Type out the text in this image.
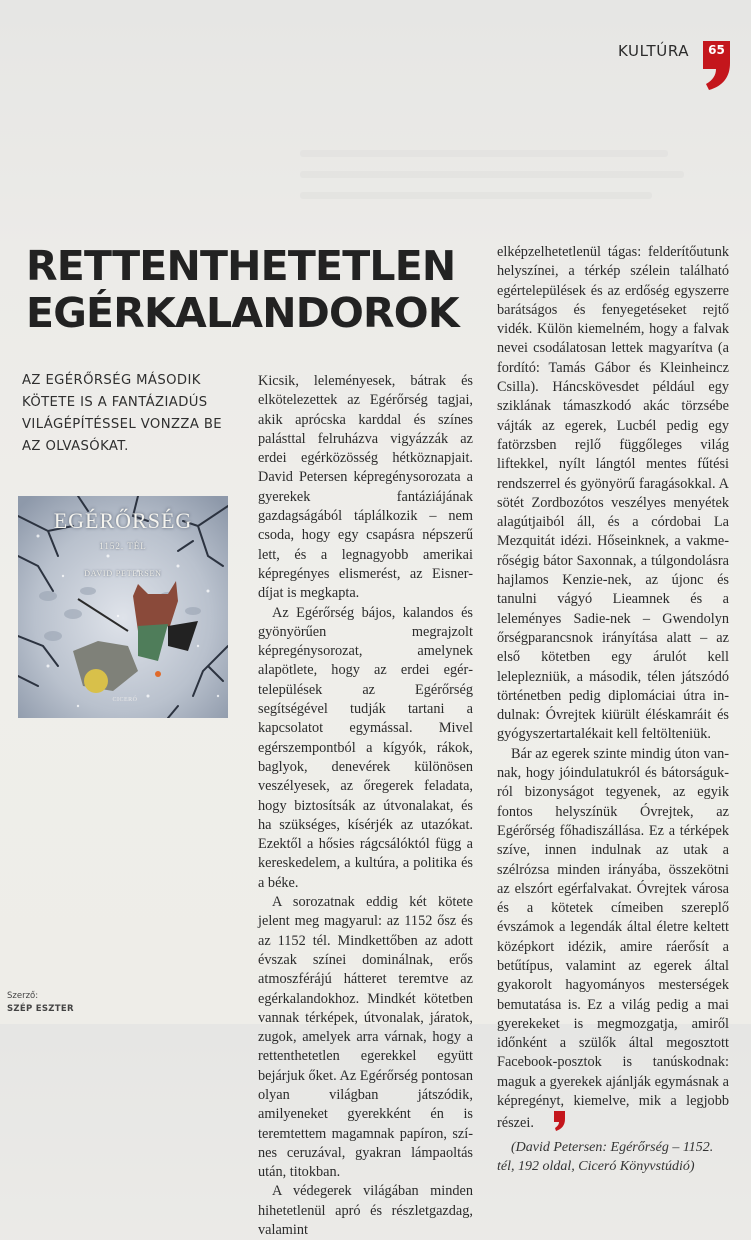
KULTÚRA	65
RETTENTHETETLEN
EGÉRKALANDOROK
AZ EGÉRŐRSÉG MÁSODIK KÖTETE IS A FANTÁZIADÚS VILÁGÉPÍTÉSSEL VONZZA BE AZ OLVASÓKAT.
EGÉRŐRSÉG
1152. TÉL
DAVID PETERSEN
CICERÓ

Kicsik, leleményesek, bátrak és elkötelezettek az Egérőrség tagjai, akik aprócska karddal és színes palásttal felruházva vigyázzák az erdei egérközösség hétköznapjait. David Petersen képregénysorozata a gyerekek fantáziájának gazdagságából táplálkozik – nem csoda, hogy egy csapásra népszerű lett, és a legnagyobb amerikai képregényes elismerést, az Eisner-díjat is megkapta.

Az Egérőrség bájos, kalandos és gyönyörűen megrajzolt képregénysorozat, amelynek alapötlete, hogy az erdei egértelepülések az Egérőrség segítségével tudják tartani a kapcsolatot egymással. Mivel egérszempontból a kígyók, rákok, baglyok, denevérek különösen veszélyesek, az őregerek feladata, hogy biztosítsák az útvonalakat, és ha szükséges, kísérjék az utazókat. Ezektől a hősies rágcsálóktól függ a kereskedelem, a kultúra, a politika és a béke.

A sorozatnak eddig két kötete jelent meg magyarul: az 1152 ősz és az 1152 tél. Mindkettőben az adott évszak színei dominálnak, erős atmoszférájú hátteret teremtve az egérkalandokhoz. Mindkét kötetben vannak térképek, útvonalak, járatok, zugok, amelyek arra várnak, hogy a rettenthetetlen egerekkel együtt bejárjuk őket. Az Egérőrség pontosan olyan világban játszódik, amilyeneket gyerekként én is teremtettem magamnak papíron, színes ceruzával, gyakran lámpaoltás után, titokban.

A védegerek világában minden hihetetlenül apró és részletgazdag, valamint

elképzelhetetlenül tágas: felderítőutunk helyszínei, a térkép szélein található egértelepülések és az erdőség egyszerre barátságos és fenyegetéseket rejtő vidék. Külön kiemelném, hogy a falvak nevei csodálatosan lettek magyarítva (a fordító: Tamás Gábor és Kleinheincz Csilla). Háncskövesdet például egy sziklának támaszkodó akác törzsébe vájták az egerek, Lucbél pedig egy fatörzsben rejlő függőleges világ liftekkel, nyílt lángtól mentes fűtési rendszerrel és gyönyörű faragásokkal. A sötét Zordbozótos veszélyes menyétek alagútjaiból áll, és a córdobai La Mezquitát idézi. Hőseinknek, a vakmerőségig bátor Saxonnak, a túlgondolásra hajlamos Kenzie-nek, az újonc és tanulni vágyó Lieamnek és a leleményes Sadie-nek – Gwendolyn őrségparancsnok irányítása alatt – az első kötetben egy árulót kell leleplezniük, a második, télen játszódó történetben pedig diplomáciai útra indulnak: Óvrejtek kiürült éléskamráit és gyógyszertartalékait kell feltölteniük.

Bár az egerek szinte mindig úton vannak, hogy jóindulatukról és bátorságukról bizonyságot tegyenek, az egyik fontos helyszínük Óvrejtek, az Egérőrség főhadiszállása. Ez a térképek szíve, innen indulnak az utak a szélrózsa minden irányába, összekötni az elszórt egérfalvakat. Óvrejtek városa és a kötetek címeiben szereplő évszámok a legendák által életre keltett középkort idézik, amire ráerősít a betűtípus, valamint az egerek által gyakorolt hagyományos mesterségek bemutatása is. Ez a világ pedig a mai gyerekeket is megmozgatja, amiről időnként a szülők által megosztott Facebook-posztok is tanúskodnak: maguk a gyerekek ajánlják egymásnak a képregényt, kiemelve, mik a legjobb részei.

(David Petersen: Egérőrség – 1152. tél, 192 oldal, Ciceró Könyvstúdió)

Szerző:
SZÉP ESZTER
